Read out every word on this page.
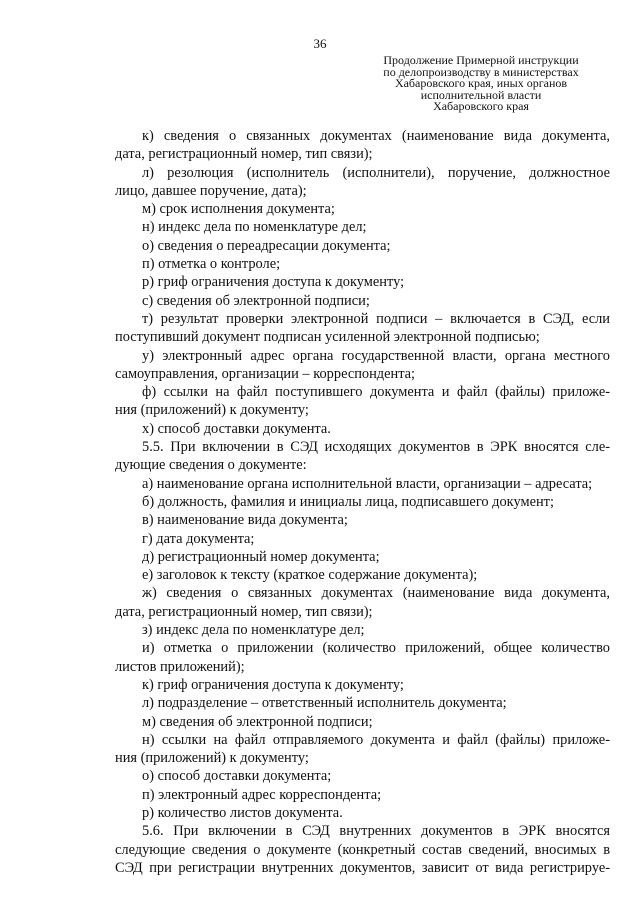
36
Продолжение Примерной инструкции
по делопроизводству в министерствах
Хабаровского края, иных органов
исполнительной власти
Хабаровского края

к) сведения о связанных документах (наименование вида документа,

дата, регистрационный номер, тип связи);

л) резолюция (исполнитель (исполнители), поручение, должностное

лицо, давшее поручение, дата);

м) срок исполнения документа;

н) индекс дела по номенклатуре дел;

о) сведения о переадресации документа;

п) отметка о контроле;

р) гриф ограничения доступа к документу;

с) сведения об электронной подписи;

т) результат проверки электронной подписи – включается в СЭД, если

поступивший документ подписан усиленной электронной подписью;

у) электронный адрес органа государственной власти, органа местного

самоуправления, организации – корреспондента;

ф) ссылки на файл поступившего документа и файл (файлы) приложе-

ния (приложений) к документу;

х) способ доставки документа.

5.5. При включении в СЭД исходящих документов в ЭРК вносятся сле-

дующие сведения о документе:

а) наименование органа исполнительной власти, организации – адресата;

б) должность, фамилия и инициалы лица, подписавшего документ;

в) наименование вида документа;

г) дата документа;

д) регистрационный номер документа;

е) заголовок к тексту (краткое содержание документа);

ж) сведения о связанных документах (наименование вида документа,

дата, регистрационный номер, тип связи);

з) индекс дела по номенклатуре дел;

и) отметка о приложении (количество приложений, общее количество

листов приложений);

к) гриф ограничения доступа к документу;

л) подразделение – ответственный исполнитель документа;

м) сведения об электронной подписи;

н) ссылки на файл отправляемого документа и файл (файлы) приложе-

ния (приложений) к документу;

о) способ доставки документа;

п) электронный адрес корреспондента;

р) количество листов документа.

5.6. При включении в СЭД внутренних документов в ЭРК вносятся

следующие сведения о документе (конкретный состав сведений, вносимых в

СЭД при регистрации внутренних документов, зависит от вида регистрируе-
